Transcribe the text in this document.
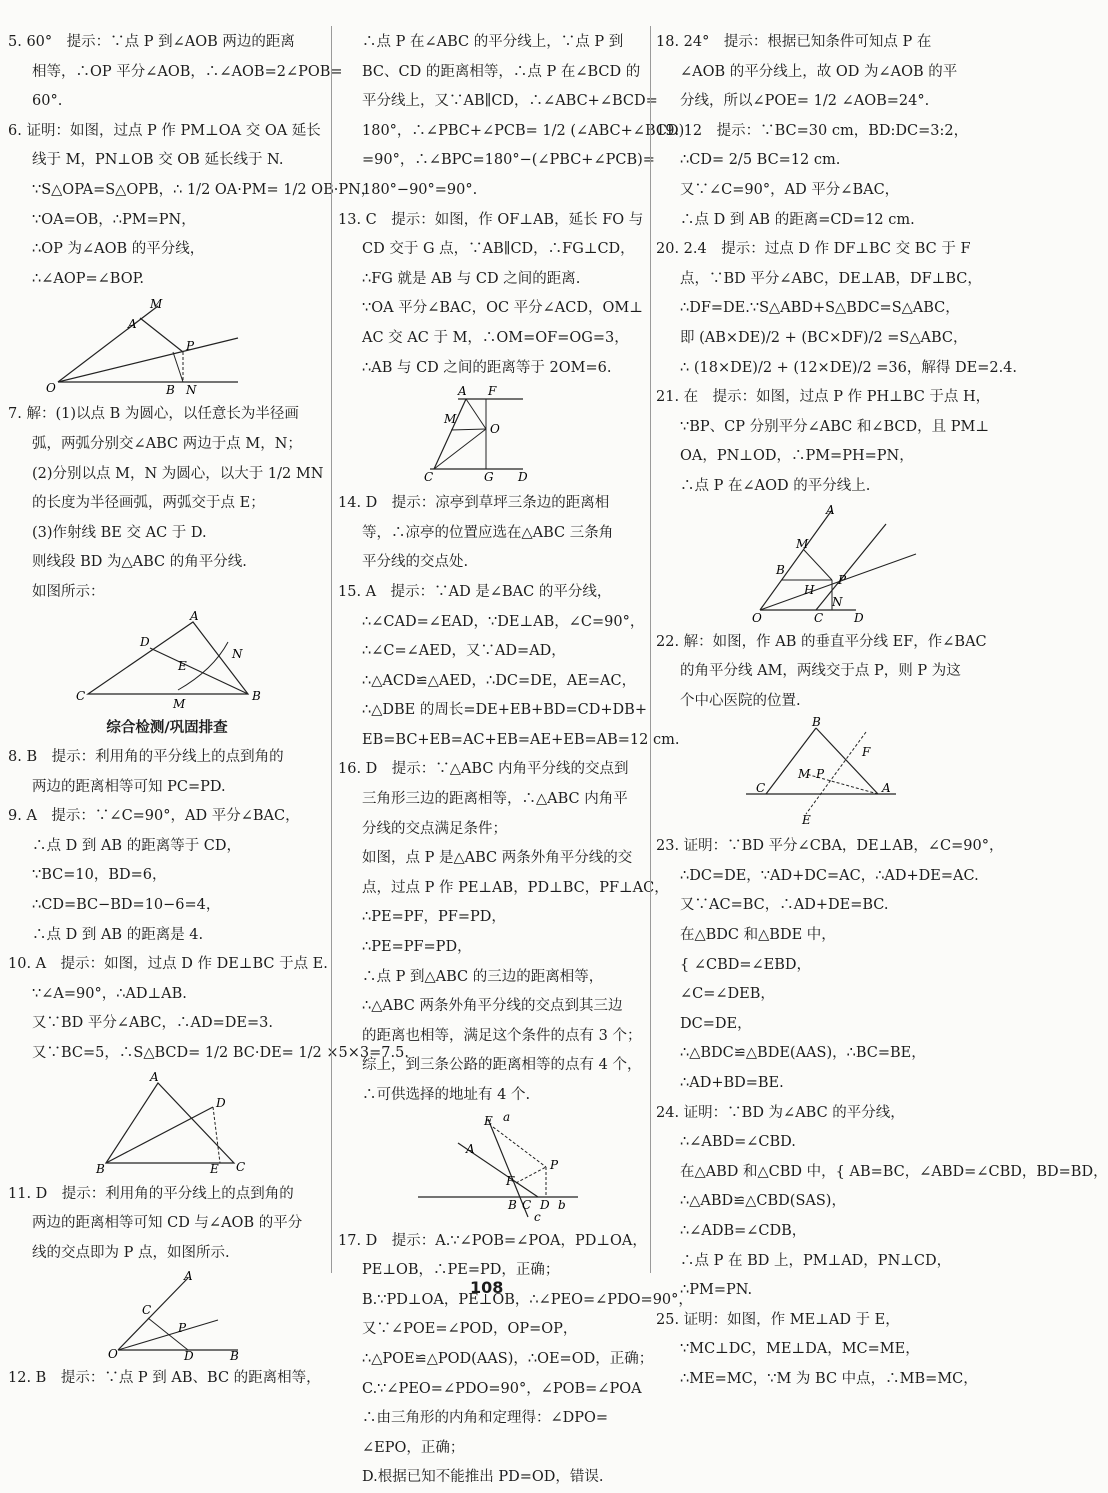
5. 60°　提示：∵点 P 到∠AOB 两边的距离
相等，∴OP 平分∠AOB，∴∠AOB=2∠POB=
60°.
6. 证明：如图，过点 P 作 PM⊥OA 交 OA 延长
线于 M，PN⊥OB 交 OB 延长线于 N.
∵S△OPA=S△OPB，∴ 1/2 OA·PM= 1/2 OB·PN，
∵OA=OB，∴PM=PN，
∴OP 为∠AOB 的平分线，
∴∠AOP=∠BOP.
M
A
P
O	B N
7. 解：(1)以点 B 为圆心，以任意长为半径画
弧，两弧分别交∠ABC 两边于点 M，N；
(2)分别以点 M，N 为圆心，以大于 1/2 MN
的长度为半径画弧，两弧交于点 E；
(3)作射线 BE 交 AC 于 D.
则线段 BD 为△ABC 的角平分线.
如图所示：
A
D
E
N
C
M
B
综合检测/巩固排查
8. B　提示：利用角的平分线上的点到角的
两边的距离相等可知 PC=PD.
9. A　提示：∵∠C=90°，AD 平分∠BAC，
∴点 D 到 AB 的距离等于 CD，
∵BC=10，BD=6，
∴CD=BC−BD=10−6=4，
∴点 D 到 AB 的距离是 4.
10. A　提示：如图，过点 D 作 DE⊥BC 于点 E.
∵∠A=90°，∴AD⊥AB.
又∵BD 平分∠ABC，∴AD=DE=3.
又∵BC=5，∴S△BCD= 1/2 BC·DE= 1/2 ×5×3=7.5.
A
D
B	E C
11. D　提示：利用角的平分线上的点到角的
两边的距离相等可知 CD 与∠AOB 的平分
线的交点即为 P 点，如图所示.
A
C
P
O	D	B
12. B　提示：∵点 P 到 AB、BC 的距离相等，
∴点 P 在∠ABC 的平分线上，∵点 P 到
BC、CD 的距离相等，∴点 P 在∠BCD 的
平分线上，又∵AB∥CD，∴∠ABC+∠BCD=
180°，∴∠PBC+∠PCB= 1/2 (∠ABC+∠BCD)
=90°，∴∠BPC=180°−(∠PBC+∠PCB)=
180°−90°=90°.
13. C　提示：如图，作 OF⊥AB，延长 FO 与
CD 交于 G 点，∵AB∥CD，∴FG⊥CD，
∴FG 就是 AB 与 CD 之间的距离.
∵OA 平分∠BAC，OC 平分∠ACD，OM⊥
AC 交 AC 于 M，∴OM=OF=OG=3，
∴AB 与 CD 之间的距离等于 2OM=6.
M
A F
O
C	G D
14. D　提示：凉亭到草坪三条边的距离相
等，∴凉亭的位置应选在△ABC 三条角
平分线的交点处.
15. A　提示：∵AD 是∠BAC 的平分线，
∴∠CAD=∠EAD，∵DE⊥AB，∠C=90°，
∴∠C=∠AED，又∵AD=AD，
∴△ACD≌△AED，∴DC=DE，AE=AC，
∴△DBE 的周长=DE+EB+BD=CD+DB+
EB=BC+EB=AC+EB=AE+EB=AB=12 cm.
16. D　提示：∵△ABC 内角平分线的交点到
三角形三边的距离相等，∴△ABC 内角平
分线的交点满足条件；
如图，点 P 是△ABC 两条外角平分线的交
点，过点 P 作 PE⊥AB，PD⊥BC，PF⊥AC，
∴PE=PF，PF=PD，
∴PE=PF=PD，
∴点 P 到△ABC 的三边的距离相等，
∴△ABC 两条外角平分线的交点到其三边
的距离也相等，满足这个条件的点有 3 个；
综上，到三条公路的距离相等的点有 4 个，
∴可供选择的地址有 4 个.
E a
A
P
F
B C D b
c
17. D　提示：A.∵∠POB=∠POA，PD⊥OA，
PE⊥OB，∴PE=PD，正确；
B.∵PD⊥OA，PE⊥OB，∴∠PEO=∠PDO=90°，
又∵∠POE=∠POD，OP=OP，
∴△POE≌△POD(AAS)，∴OE=OD，正确；
C.∵∠PEO=∠PDO=90°，∠POB=∠POA
∴由三角形的内角和定理得：∠DPO=
∠EPO，正确；
D.根据已知不能推出 PD=OD，错误.
18. 24°　提示：根据已知条件可知点 P 在
∠AOB 的平分线上，故 OD 为∠AOB 的平
分线，所以∠POE= 1/2 ∠AOB=24°.
19. 12　提示：∵BC=30 cm，BD:DC=3:2，
∴CD= 2/5 BC=12 cm.
又∵∠C=90°，AD 平分∠BAC，
∴点 D 到 AB 的距离=CD=12 cm.
20. 2.4　提示：过点 D 作 DF⊥BC 交 BC 于 F
点，∵BD 平分∠ABC，DE⊥AB，DF⊥BC，
∴DF=DE.∵S△ABD+S△BDC=S△ABC，
即 (AB×DE)/2 + (BC×DF)/2 =S△ABC，
∴ (18×DE)/2 + (12×DE)/2 =36，解得 DE=2.4.
21. 在　提示：如图，过点 P 作 PH⊥BC 于点 H，
∵BP、CP 分别平分∠ABC 和∠BCD，且 PM⊥
OA，PN⊥OD，∴PM=PH=PN，
∴点 P 在∠AOD 的平分线上.
A
M
B
P
H
O	C
N
D
22. 解：如图，作 AB 的垂直平分线 EF，作∠BAC
的角平分线 AM，两线交于点 P，则 P 为这
个中心医院的位置.
B
F
M P
C	A
E
23. 证明：∵BD 平分∠CBA，DE⊥AB，∠C=90°，
∴DC=DE，∵AD+DC=AC，∴AD+DE=AC.
又∵AC=BC，∴AD+DE=BC.
在△BDC 和△BDE 中，
{ ∠CBD=∠EBD，
∠C=∠DEB，
DC=DE，
∴△BDC≌△BDE(AAS)，∴BC=BE，
∴AD+BD=BE.
24. 证明：∵BD 为∠ABC 的平分线，
∴∠ABD=∠CBD.
在△ABD 和△CBD 中，{ AB=BC，∠ABD=∠CBD，BD=BD，
∴△ABD≌△CBD(SAS)，
∴∠ADB=∠CDB，
∴点 P 在 BD 上，PM⊥AD，PN⊥CD，
∴PM=PN.
25. 证明：如图，作 ME⊥AD 于 E，
∵MC⊥DC，ME⊥DA，MC=ME，
∴ME=MC，∵M 为 BC 中点，∴MB=MC，
108
